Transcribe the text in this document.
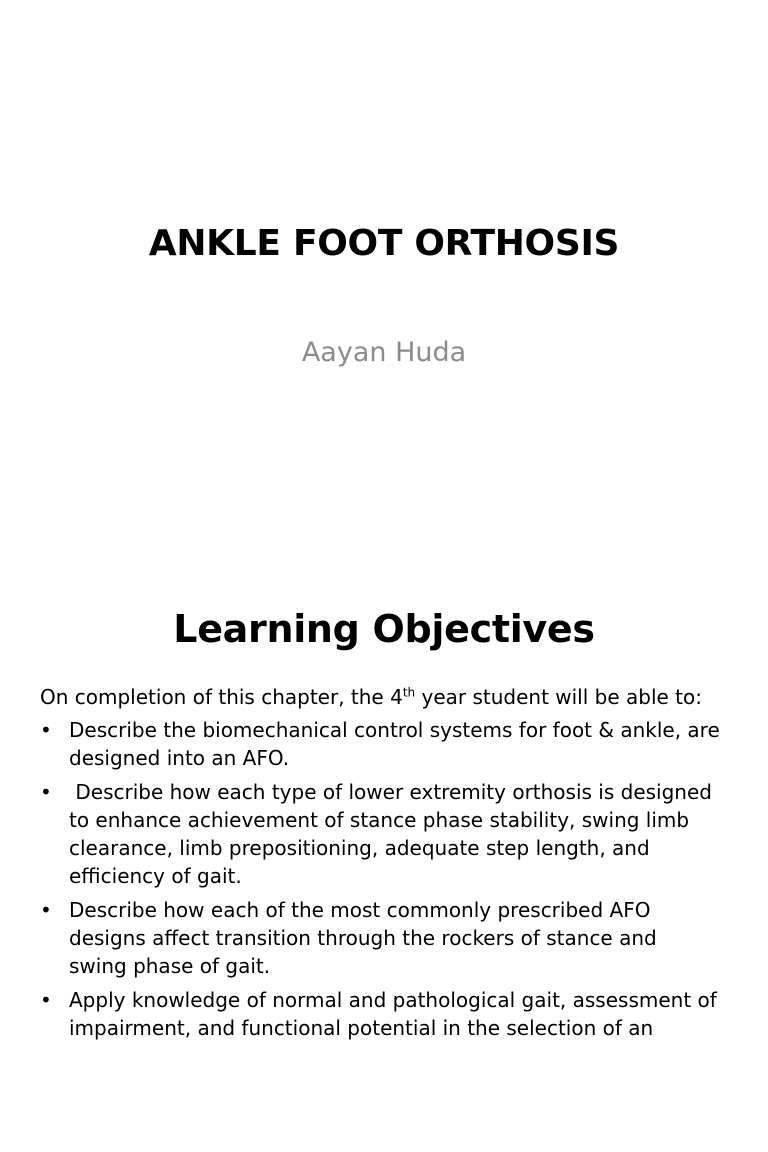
ANKLE FOOT ORTHOSIS
Aayan Huda
Learning Objectives
On completion of this chapter, the 4th year student will be able to:
• Describe the biomechanical control systems for foot & ankle, are designed into an AFO.
• Describe how each type of lower extremity orthosis is designed to enhance achievement of stance phase stability, swing limb clearance, limb prepositioning, adequate step length, and efficiency of gait.
• Describe how each of the most commonly prescribed AFO designs affect transition through the rockers of stance and swing phase of gait.
• Apply knowledge of normal and pathological gait, assessment of impairment, and functional potential in the selection of an
